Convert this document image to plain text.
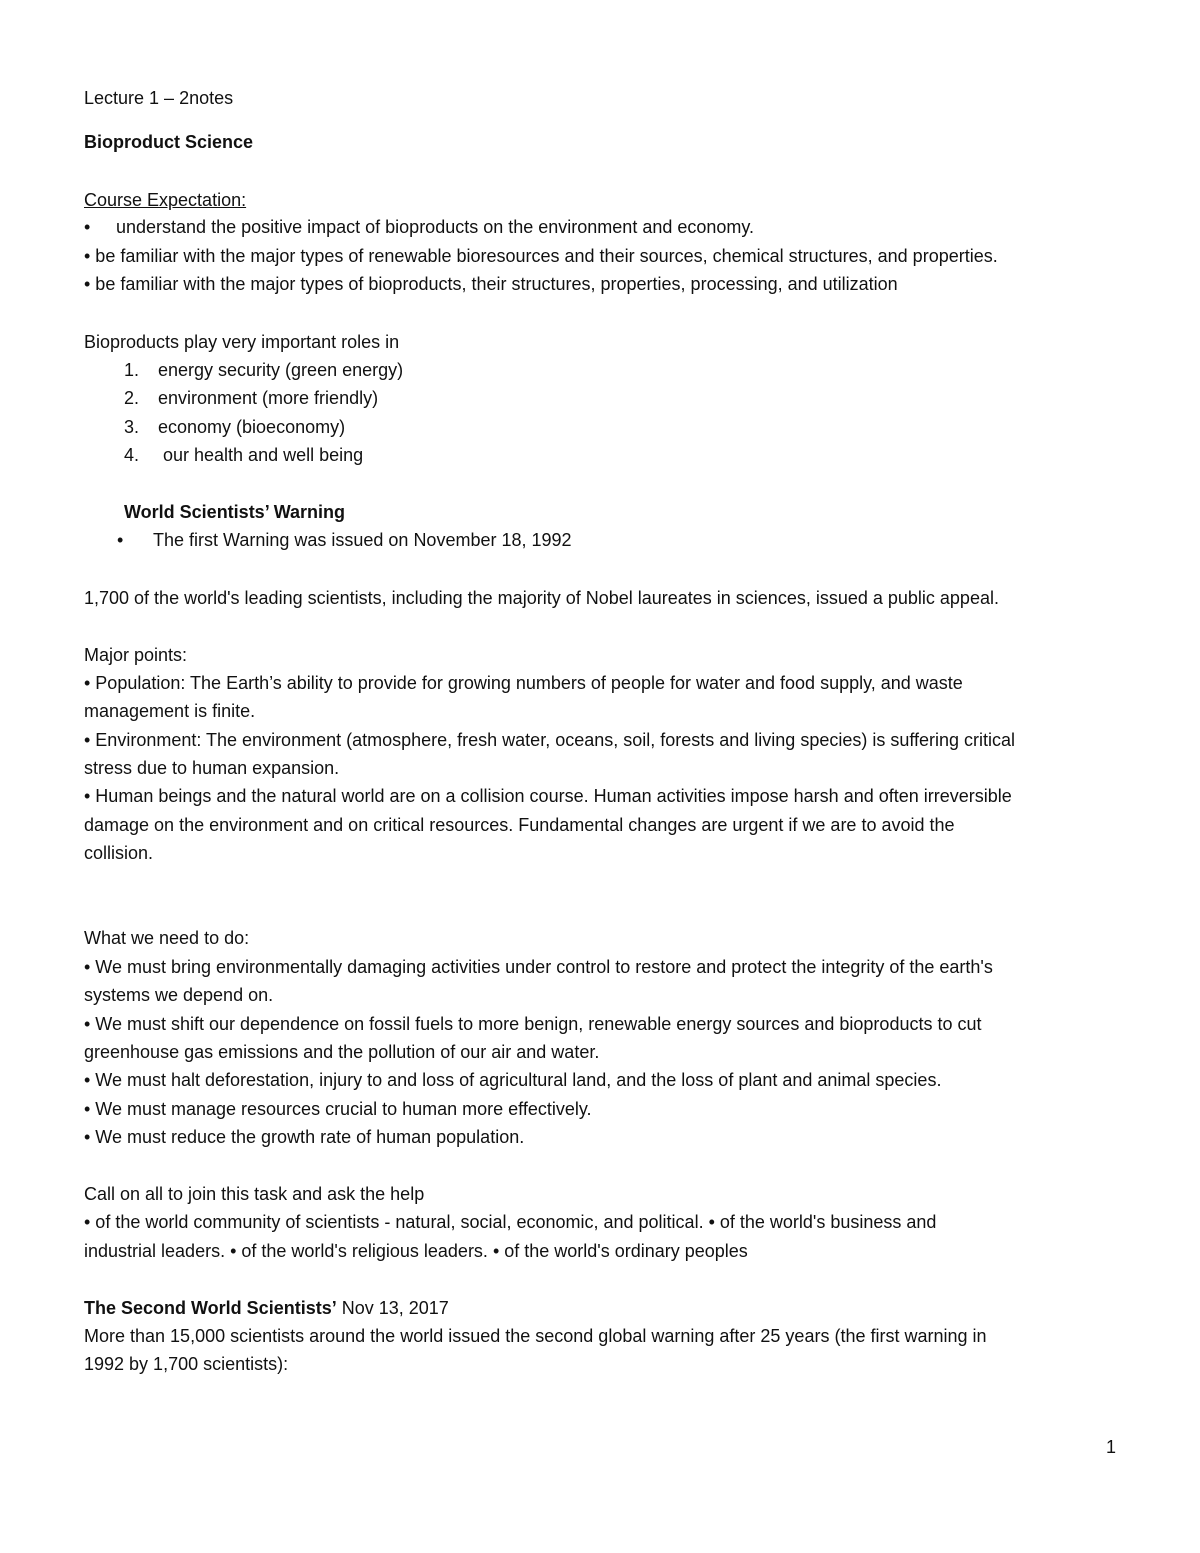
Lecture 1 – 2notes
Bioproduct Science
Course Expectation:
• understand the positive impact of bioproducts on the environment and economy.
• be familiar with the major types of renewable bioresources and their sources, chemical structures, and properties.
• be familiar with the major types of bioproducts, their structures, properties, processing, and utilization
Bioproducts play very important roles in
1. energy security (green energy)
2. environment (more friendly)
3. economy (bioeconomy)
4. our health and well being
World Scientists’ Warning
• The first Warning was issued on November 18, 1992
1,700 of the world's leading scientists, including the majority of Nobel laureates in sciences, issued a public appeal.
Major points:
• Population: The Earth’s ability to provide for growing numbers of people for water and food supply, and waste
management is finite.
• Environment: The environment (atmosphere, fresh water, oceans, soil, forests and living species) is suffering critical
stress due to human expansion.
• Human beings and the natural world are on a collision course. Human activities impose harsh and often irreversible
damage on the environment and on critical resources. Fundamental changes are urgent if we are to avoid the
collision.
What we need to do:
• We must bring environmentally damaging activities under control to restore and protect the integrity of the earth's
systems we depend on.
• We must shift our dependence on fossil fuels to more benign, renewable energy sources and bioproducts to cut
greenhouse gas emissions and the pollution of our air and water.
• We must halt deforestation, injury to and loss of agricultural land, and the loss of plant and animal species.
• We must manage resources crucial to human more effectively.
• We must reduce the growth rate of human population.
Call on all to join this task and ask the help
• of the world community of scientists - natural, social, economic, and political. • of the world's business and
industrial leaders. • of the world's religious leaders. • of the world's ordinary peoples
The Second World Scientists’ Nov 13, 2017
More than 15,000 scientists around the world issued the second global warning after 25 years (the first warning in
1992 by 1,700 scientists):
1
